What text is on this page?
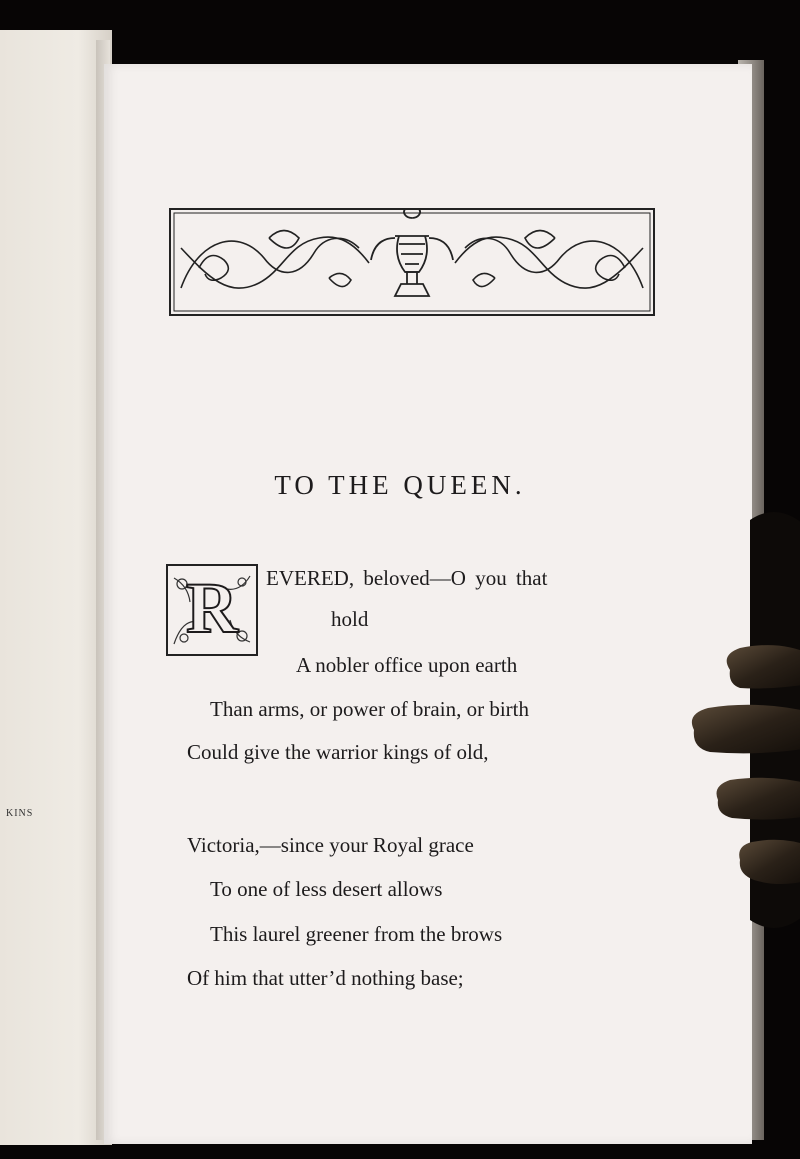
KINS
TO THE QUEEN.
R	EVERED, beloved—O you that
hold
A nobler office upon earth
Than arms, or power of brain, or birth
Could give the warrior kings of old,
Victoria,—since your Royal grace
To one of less desert allows
This laurel greener from the brows
Of him that utter’d nothing base;
